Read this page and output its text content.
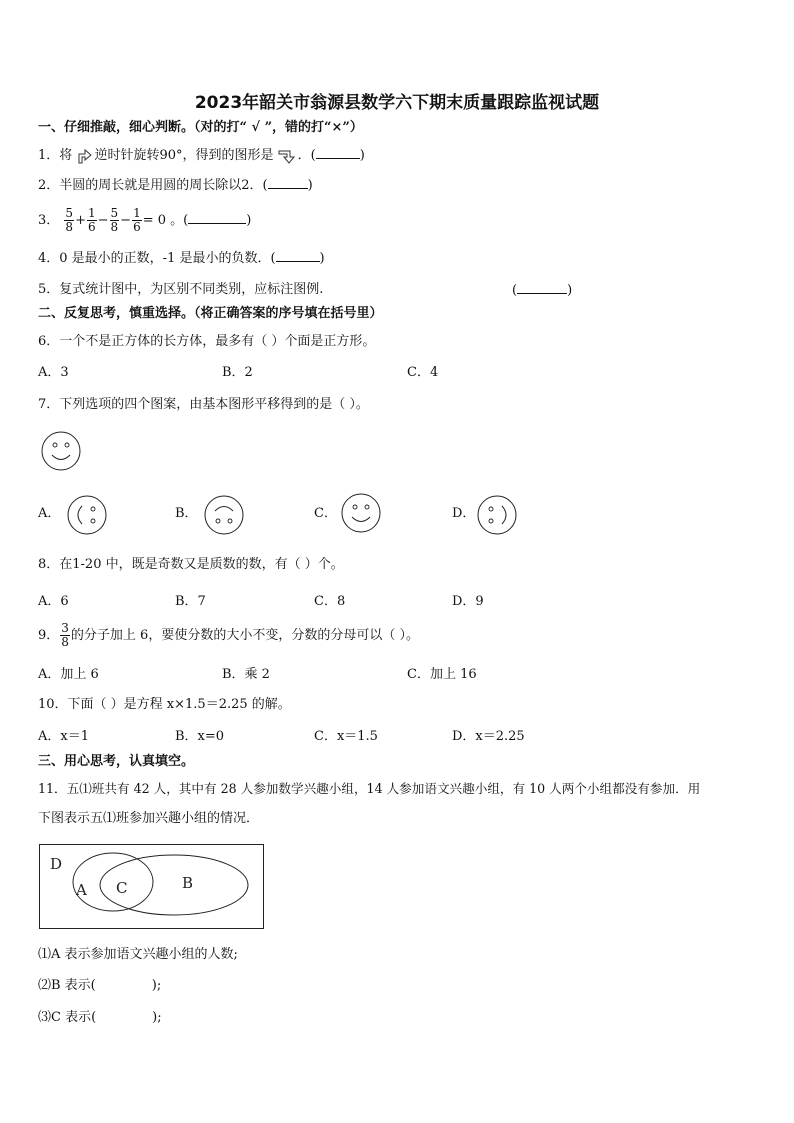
2023年韶关市翁源县数学六下期末质量跟踪监视试题
一、仔细推敲，细心判断。（对的打“ √ ”，错的打“×”）
1．将 逆时针旋转90°，得到的图形是 ．(	)
2．半圆的周长就是用圆的周长除以2．(	)
3． $\frac{5}{8} + \frac{1}{6} - \frac{5}{8} - \frac{1}{6} = 0$ 。(	)
4．0 是最小的正数，-1 是最小的负数．(	)
5．复式统计图中，为区别不同类别，应标注图例.	(	)
二、反复思考，慎重选择。（将正确答案的序号填在括号里）
6．一个不是正方体的长方体，最多有（ ）个面是正方形。
A．3	B．2	C．4
7．下列选项的四个图案，由基本图形平移得到的是（ ）。
A．	B．	C．	D．
8．在1-20 中，既是奇数又是质数的数，有（ ）个。
A．6	B．7	C．8	D．9
9． $\frac{3}{8}$ 的分子加上 6，要使分数的大小不变，分数的分母可以（ ）。
A．加上 6	B．乘 2	C．加上 16
10．下面（ ）是方程 x×1.5＝2.25 的解。
A．x＝1	B．x=0	C．x＝1.5	D．x＝2.25
三、用心思考，认真填空。
11．五⑴班共有 42 人，其中有 28 人参加数学兴趣小组，14 人参加语文兴趣小组，有 10 人两个小组都没有参加．用
下图表示五⑴班参加兴趣小组的情况．
D
A C	B
⑴A 表示参加语文兴趣小组的人数;
⑵B 表示(	);
⑶C 表示(	);
